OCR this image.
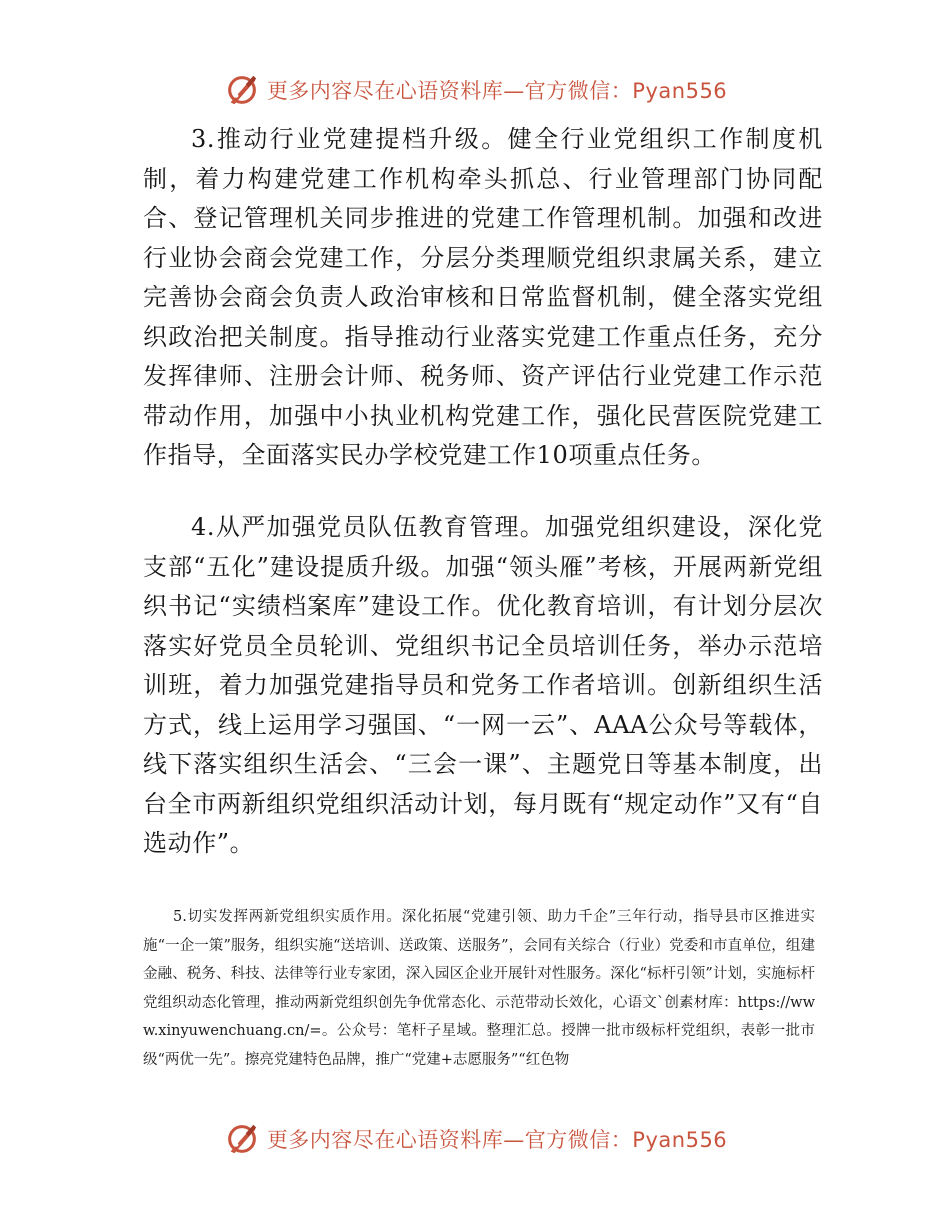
更多内容尽在心语资料库—官方微信：Pyan556

3.推动行业党建提档升级。健全行业党组织工作制度机制，着力构建党建工作机构牵头抓总、行业管理部门协同配合、登记管理机关同步推进的党建工作管理机制。加强和改进行业协会商会党建工作，分层分类理顺党组织隶属关系，建立完善协会商会负责人政治审核和日常监督机制，健全落实党组织政治把关制度。指导推动行业落实党建工作重点任务，充分发挥律师、注册会计师、税务师、资产评估行业党建工作示范带动作用，加强中小执业机构党建工作，强化民营医院党建工作指导，全面落实民办学校党建工作10项重点任务。

4.从严加强党员队伍教育管理。加强党组织建设，深化党支部“五化”建设提质升级。加强“领头雁”考核，开展两新党组织书记“实绩档案库”建设工作。优化教育培训，有计划分层次落实好党员全员轮训、党组织书记全员培训任务，举办示范培训班，着力加强党建指导员和党务工作者培训。创新组织生活方式，线上运用学习强国、“一网一云”、AAA公众号等载体，线下落实组织生活会、“三会一课”、主题党日等基本制度，出台全市两新组织党组织活动计划，每月既有“规定动作”又有“自选动作”。

5.切实发挥两新党组织实质作用。深化拓展“党建引领、助力千企”三年行动，指导县市区推进实施“一企一策”服务，组织实施“送培训、送政策、送服务”，会同有关综合（行业）党委和市直单位，组建金融、税务、科技、法律等行业专家团，深入园区企业开展针对性服务。深化“标杆引领”计划，实施标杆党组织动态化管理，推动两新党组织创先争优常态化、示范带动长效化，心语文`创素材库：https://www.xinyuwenchuang.cn/=。公众号：笔杆子星域。整理汇总。授牌一批市级标杆党组织，表彰一批市级“两优一先”。擦亮党建特色品牌，推广“党建+志愿服务”“红色物

更多内容尽在心语资料库—官方微信：Pyan556
